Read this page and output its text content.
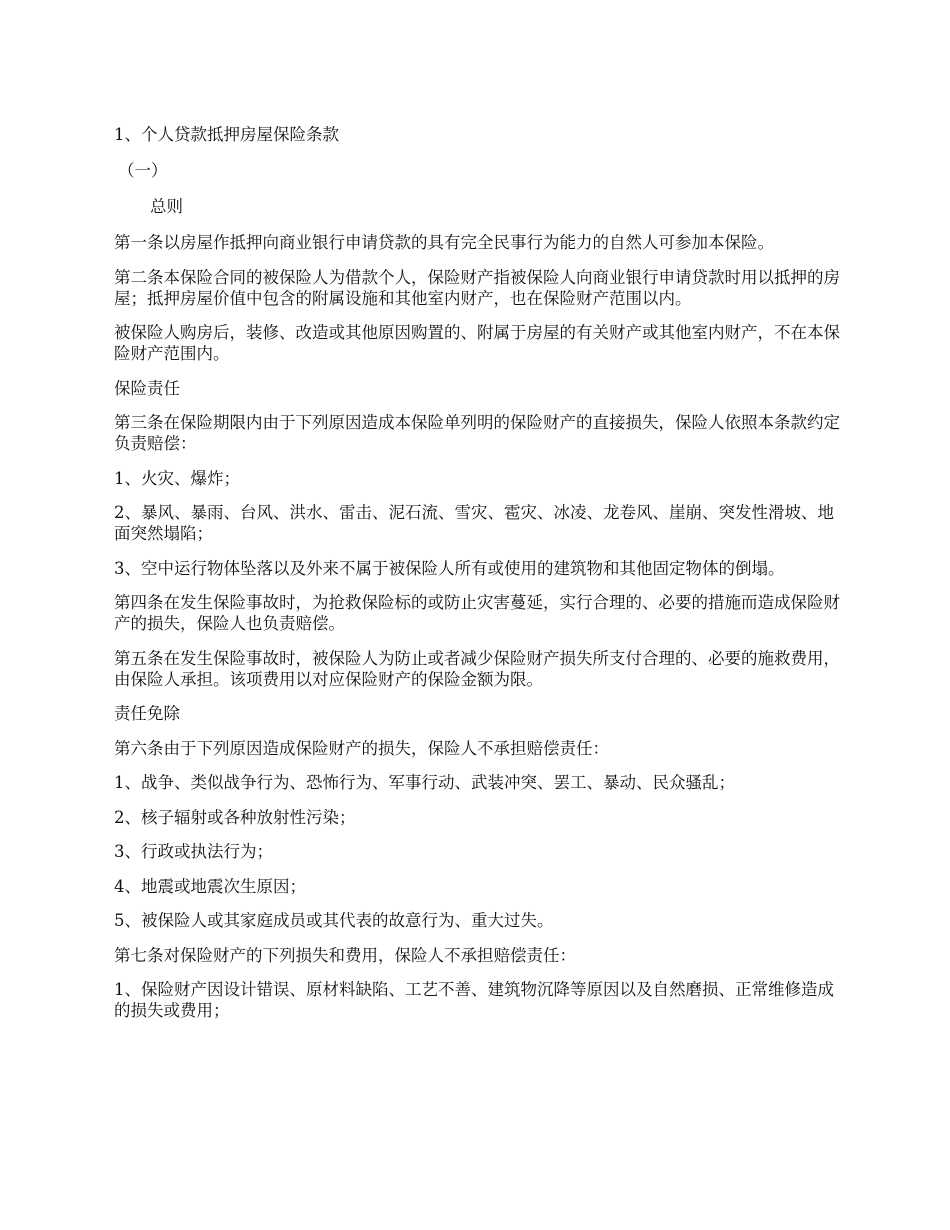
1、个人贷款抵押房屋保险条款

（一）

总则

第一条以房屋作抵押向商业银行申请贷款的具有完全民事行为能力的自然人可参加本保险。

第二条本保险合同的被保险人为借款个人，保险财产指被保险人向商业银行申请贷款时用以抵押的房屋；抵押房屋价值中包含的附属设施和其他室内财产，也在保险财产范围以内。

被保险人购房后，装修、改造或其他原因购置的、附属于房屋的有关财产或其他室内财产，不在本保险财产范围内。

保险责任

第三条在保险期限内由于下列原因造成本保险单列明的保险财产的直接损失，保险人依照本条款约定负责赔偿：

1、火灾、爆炸；

2、暴风、暴雨、台风、洪水、雷击、泥石流、雪灾、雹灾、冰凌、龙卷风、崖崩、突发性滑坡、地面突然塌陷；

3、空中运行物体坠落以及外来不属于被保险人所有或使用的建筑物和其他固定物体的倒塌。

第四条在发生保险事故时，为抢救保险标的或防止灾害蔓延，实行合理的、必要的措施而造成保险财产的损失，保险人也负责赔偿。

第五条在发生保险事故时，被保险人为防止或者减少保险财产损失所支付合理的、必要的施救费用，由保险人承担。该项费用以对应保险财产的保险金额为限。

责任免除

第六条由于下列原因造成保险财产的损失，保险人不承担赔偿责任：

1、战争、类似战争行为、恐怖行为、军事行动、武装冲突、罢工、暴动、民众骚乱；

2、核子辐射或各种放射性污染；

3、行政或执法行为；

4、地震或地震次生原因；

5、被保险人或其家庭成员或其代表的故意行为、重大过失。

第七条对保险财产的下列损失和费用，保险人不承担赔偿责任：

1、保险财产因设计错误、原材料缺陷、工艺不善、建筑物沉降等原因以及自然磨损、正常维修造成的损失或费用；
